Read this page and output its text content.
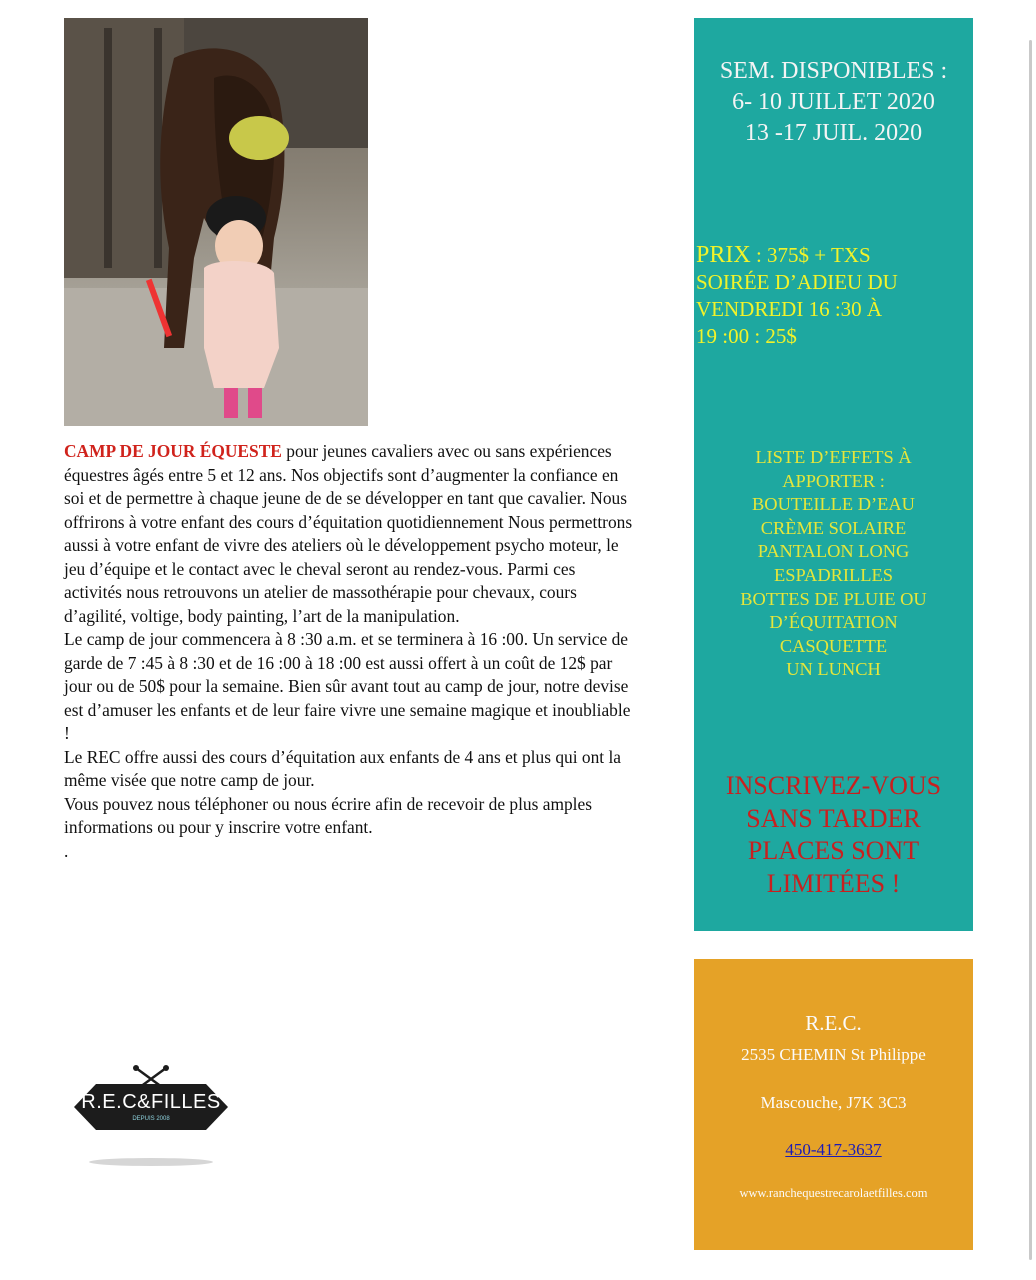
CAMP DE JOUR ÉQUESTE pour jeunes cavaliers avec ou sans expériences équestres âgés entre 5 et 12 ans. Nos objectifs sont d’augmenter la confiance en soi et de permettre à chaque jeune de de se développer en tant que cavalier. Nous offrirons à votre enfant des cours d’équitation quotidiennement Nous permettrons aussi à votre enfant de vivre des ateliers où le développement psycho moteur, le jeu d’équipe et le contact avec le cheval seront au rendez-vous. Parmi ces activités nous retrouvons un atelier de massothérapie pour chevaux, cours d’agilité, voltige, body painting, l’art de la manipulation.

Le camp de jour commencera à 8 :30 a.m. et se terminera à 16 :00. Un service de garde de 7 :45 à 8 :30 et de 16 :00 à 18 :00 est aussi offert à un coût de 12$ par jour ou de 50$ pour la semaine. Bien sûr avant tout au camp de jour, notre devise est d’amuser les enfants et de leur faire vivre une semaine magique et inoubliable !

Le REC offre aussi des cours d’équitation aux enfants de 4 ans et plus qui ont la même visée que notre camp de jour.

Vous pouvez nous téléphoner ou nous écrire afin de recevoir de plus amples informations ou pour y inscrire votre enfant.

.

SEM. DISPONIBLES :
6- 10 JUILLET 2020
13 -17 JUIL. 2020
PRIX : 375$ + TXS
SOIRÉE D’ADIEU DU
VENDREDI 16 :30 À
19 :00 : 25$
LISTE D’EFFETS À
APPORTER :
BOUTEILLE D’EAU
CRÈME SOLAIRE
PANTALON LONG
ESPADRILLES
BOTTES DE PLUIE OU
D’ÉQUITATION
CASQUETTE
UN LUNCH
INSCRIVEZ-VOUS
SANS TARDER
PLACES SONT
LIMITÉES !
R.E.C.
2535 CHEMIN St Philippe
Mascouche, J7K 3C3
450-417-3637
www.ranchequestrecarolaetfilles.com
R.E.C&FILLES
DEPUIS 2008
